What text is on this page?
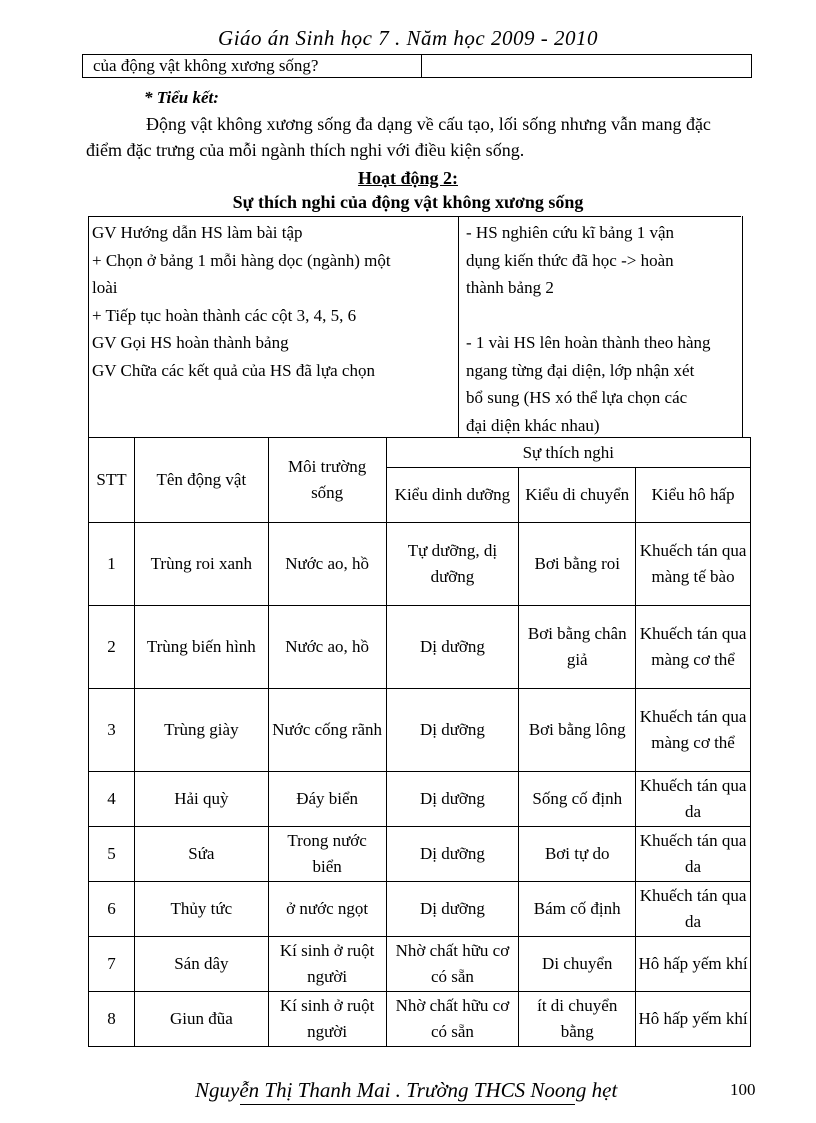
Giáo án Sinh học 7 . Năm học 2009 - 2010
của động vật không xương sống?	
* Tiểu kết:
Động vật không xương sống đa dạng về cấu tạo, lối sống nhưng vẫn mang đặc
điểm đặc trưng của mỗi ngành thích nghi với điều kiện sống.
Hoạt động 2:
Sự thích nghi của động vật không xương sống
GV Hướng dẫn HS làm bài tập
+ Chọn ở bảng 1 mỗi hàng dọc (ngành) một
loài
+ Tiếp tục hoàn thành các cột 3, 4, 5, 6
GV Gọi HS hoàn thành bảng
GV Chữa các kết quả của HS đã lựa chọn
- HS nghiên cứu kĩ bảng 1 vận
dụng kiến thức đã học -> hoàn
thành bảng 2
- 1 vài HS lên hoàn thành theo hàng
ngang từng đại diện, lớp nhận xét
bổ sung (HS xó thể lựa chọn các
đại diện khác nhau)
STT	Tên động vật	Môi trường sống	Sự thích nghi		
			Kiểu dinh dưỡng	Kiểu di chuyển	Kiểu hô hấp
1	Trùng roi xanh	Nước ao, hồ	Tự dưỡng, dị dưỡng	Bơi bằng roi	Khuếch tán qua màng tế bào
2	Trùng biến hình	Nước ao, hồ	Dị dưỡng	Bơi bằng chân giả	Khuếch tán qua màng cơ thể
3	Trùng giày	Nước cống rãnh	Dị dưỡng	Bơi bằng lông	Khuếch tán qua màng cơ thể
4	Hải quỳ	Đáy biển	Dị dưỡng	Sống cố định	Khuếch tán qua da
5	Sứa	Trong nước biển	Dị dưỡng	Bơi tự do	Khuếch tán qua da
6	Thủy tức	ở nước ngọt	Dị dưỡng	Bám cố định	Khuếch tán qua da
7	Sán dây	Kí sinh ở ruột người	Nhờ chất hữu cơ có sẵn	Di chuyển	Hô hấp yếm khí
8	Giun đũa	Kí sinh ở ruột người	Nhờ chất hữu cơ có sẵn	ít di chuyển bằng	Hô hấp yếm khí
Nguyễn Thị Thanh Mai . Trường THCS Noong hẹt	100
